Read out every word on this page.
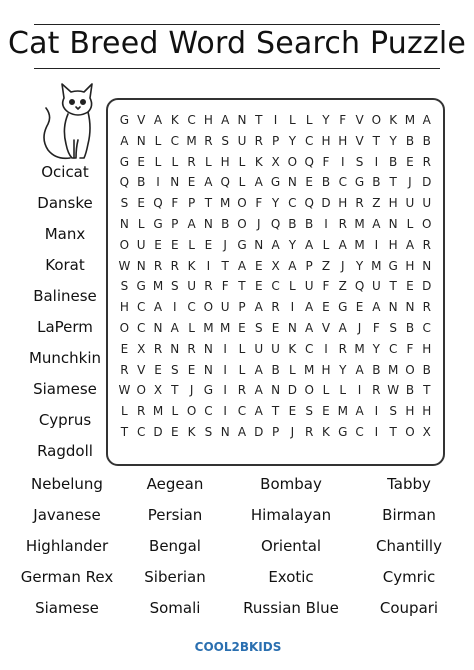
Cat Breed Word Search Puzzle
Ocicat
Danske
Manx
Korat
Balinese
LaPerm
Munchkin
Siamese
Cyprus
Ragdoll
G V A K C H A N T I L L Y F V O K M A
A N L C M R S U R P Y C H H V T Y B B
G E L L R L H L K X O Q F I S I B E R
Q B I N E A Q L A G N E B C G B T J D
S E Q F P T M O F Y C Q D H R Z H U U
N L G P A N B O J Q B B I R M A N L O
O U E E L E J G N A Y A L A M I H A R
W N R R K I T A E X A P Z J Y M G H N
S G M S U R F T E C L U F Z Q U T E D
H C A I C O U P A R I A E G E A N N R
O C N A L M M E S E N A V A J F S B C
E X R N R N I L U U K C I R M Y C F H
R V E S E N I L A B L M H Y A B M O B
W O X T J G I R A N D O L L I R W B T
L R M L O C I C A T E S E M A I S H H
T C D E K S N A D P J R K G C I T O X
Nebelung
Javanese
Highlander
German Rex
Siamese
Aegean
Persian
Bengal
Siberian
Somali
Bombay
Himalayan
Oriental
Exotic
Russian Blue
Tabby
Birman
Chantilly
Cymric
Coupari
COOL2BKIDS
